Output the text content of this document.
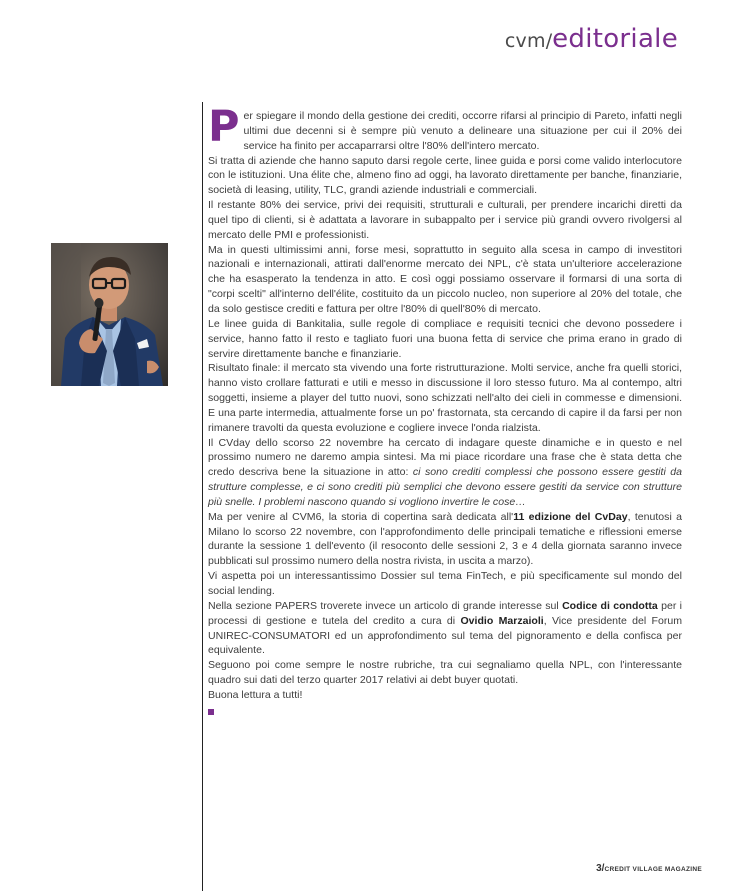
cvm/editoriale

Per spiegare il mondo della gestione dei crediti, occorre rifarsi al principio di Pareto, infatti negli ultimi due decenni si è sempre più venuto a delineare una situazione per cui il 20% dei service ha finito per accaparrarsi oltre l'80% dell'intero mercato.

Si tratta di aziende che hanno saputo darsi regole certe, linee guida e porsi come valido interlocutore con le istituzioni. Una élite che, almeno fino ad oggi, ha lavorato direttamente per banche, finanziarie, società di leasing, utility, TLC, grandi aziende industriali e commerciali.

Il restante 80% dei service, privi dei requisiti, strutturali e culturali, per prendere incarichi diretti da quel tipo di clienti, si è adattata a lavorare in subappalto per i service più grandi ovvero rivolgersi al mercato delle PMI e professionisti.

Ma in questi ultimissimi anni, forse mesi, soprattutto in seguito alla scesa in campo di investitori nazionali e internazionali, attirati dall'enorme mercato dei NPL, c'è stata un'ulteriore accelerazione che ha esasperato la tendenza in atto. E così oggi possiamo osservare il formarsi di una sorta di "corpi scelti" all'interno dell'élite, costituito da un piccolo nucleo, non superiore al 20% del totale, che da solo gestisce crediti e fattura per oltre l'80% di quell'80% di mercato.

Le linee guida di Bankitalia, sulle regole di compliace e requisiti tecnici che devono possedere i service, hanno fatto il resto e tagliato fuori una buona fetta di service che prima erano in grado di servire direttamente banche e finanziarie.

Risultato finale: il mercato sta vivendo una forte ristrutturazione. Molti service, anche fra quelli storici, hanno visto crollare fatturati e utili e messo in discussione il loro stesso futuro. Ma al contempo, altri soggetti, insieme a player del tutto nuovi, sono schizzati nell'alto dei cieli in commesse e dimensioni. E una parte intermedia, attualmente forse un po' frastornata, sta cercando di capire il da farsi per non rimanere travolti da questa evoluzione e cogliere invece l'onda rialzista.

Il CVday dello scorso 22 novembre ha cercato di indagare queste dinamiche e in questo e nel prossimo numero ne daremo ampia sintesi. Ma mi piace ricordare una frase che è stata detta che credo descriva bene la situazione in atto: ci sono crediti complessi che possono essere gestiti da strutture complesse, e ci sono crediti più semplici che devono essere gestiti da service con strutture più snelle. I problemi nascono quando si vogliono invertire le cose…

Ma per venire al CVM6, la storia di copertina sarà dedicata all'11 edizione del CvDay, tenutosi a Milano lo scorso 22 novembre, con l'approfondimento delle principali tematiche e riflessioni emerse durante la sessione 1 dell'evento (il resoconto delle sessioni 2, 3 e 4 della giornata saranno invece pubblicati sul prossimo numero della nostra rivista, in uscita a marzo).

Vi aspetta poi un interessantissimo Dossier sul tema FinTech, e più specificamente sul mondo del social lending.

Nella sezione PAPERS troverete invece un articolo di grande interesse sul Codice di condotta per i processi di gestione e tutela del credito a cura di Ovidio Marzaioli, Vice presidente del Forum UNIREC-CONSUMATORI ed un approfondimento sul tema del pignoramento e della confisca per equivalente.

Seguono poi come sempre le nostre rubriche, tra cui segnaliamo quella NPL, con l'interessante quadro sui dati del terzo quarter 2017 relativi ai debt buyer quotati.

Buona lettura a tutti!

3/CREDIT VILLAGE MAGAZINE
